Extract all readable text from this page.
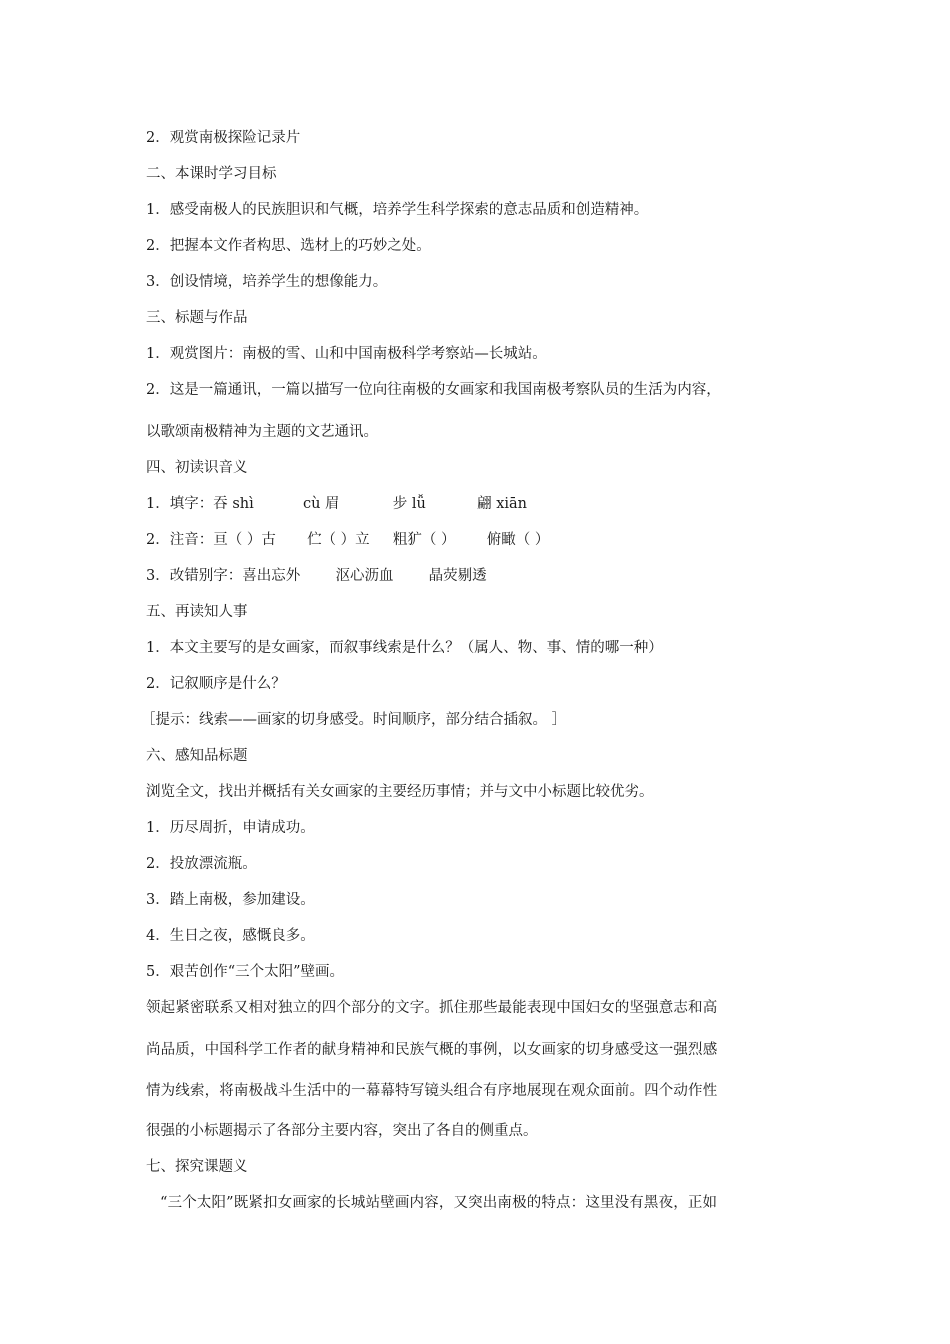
2．观赏南极探险记录片
二、本课时学习目标
1．感受南极人的民族胆识和气概，培养学生科学探索的意志品质和创造精神。
2．把握本文作者构思、选材上的巧妙之处。
3．创设情境，培养学生的想像能力。
三、标题与作品
1．观赏图片：南极的雪、山和中国南极科学考察站—长城站。
2．这是一篇通讯，一篇以描写一位向往南极的女画家和我国南极考察队员的生活为内容，
以歌颂南极精神为主题的文艺通讯。
四、初读识音义
1．填字：吞 shì	cù 眉	步 lǚ	翩 xiān
2．注音：亘（ ）古 伫（ ）立 粗犷（ ） 俯瞰（ ）
3．改错别字：喜出忘外 沤心沥血 晶荧剔透
五、再读知人事
1．本文主要写的是女画家，而叙事线索是什么？（属人、物、事、情的哪一种）
2．记叙顺序是什么？
［提示：线索——画家的切身感受。时间顺序，部分结合插叙。 ］
六、感知品标题
浏览全文，找出并概括有关女画家的主要经历事情；并与文中小标题比较优劣。
1．历尽周折，申请成功。
2．投放漂流瓶。
3．踏上南极，参加建设。
4．生日之夜，感慨良多。
5．艰苦创作“三个太阳”壁画。
领起紧密联系又相对独立的四个部分的文字。抓住那些最能表现中国妇女的坚强意志和高
尚品质，中国科学工作者的献身精神和民族气概的事例，以女画家的切身感受这一强烈感
情为线索，将南极战斗生活中的一幕幕特写镜头组合有序地展现在观众面前。四个动作性
很强的小标题揭示了各部分主要内容，突出了各自的侧重点。
七、探究课题义
“三个太阳”既紧扣女画家的长城站壁画内容，又突出南极的特点：这里没有黑夜，正如
